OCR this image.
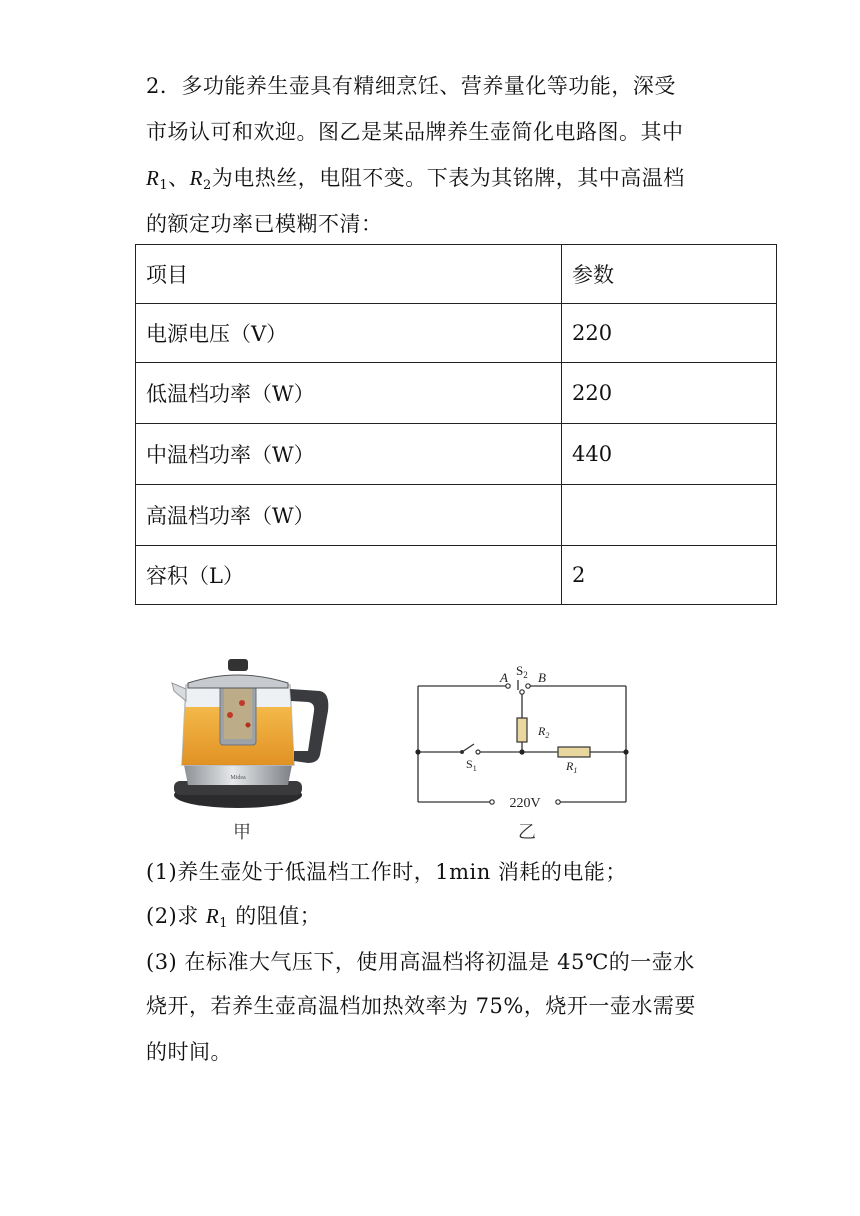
2．多功能养生壶具有精细烹饪、营养量化等功能，深受
市场认可和欢迎。图乙是某品牌养生壶简化电路图。其中
$R_1$、$R_2$为电热丝，电阻不变。下表为其铭牌，其中高温档
的额定功率已模糊不清：
项目	参数
电源电压（V）	220
低温档功率（W）	220
中温档功率（W）	440
高温档功率（W）	
容积（L）	2
Midea
甲
$S_2$
A B
$R_2$
$S_1$	$R_1$
220V
乙
(1)养生壶处于低温档工作时，1min 消耗的电能；
(2)求 $R_1$ 的阻值；
(3) 在标准大气压下，使用高温档将初温是 45℃的一壶水
烧开，若养生壶高温档加热效率为 75%，烧开一壶水需要
的时间。
